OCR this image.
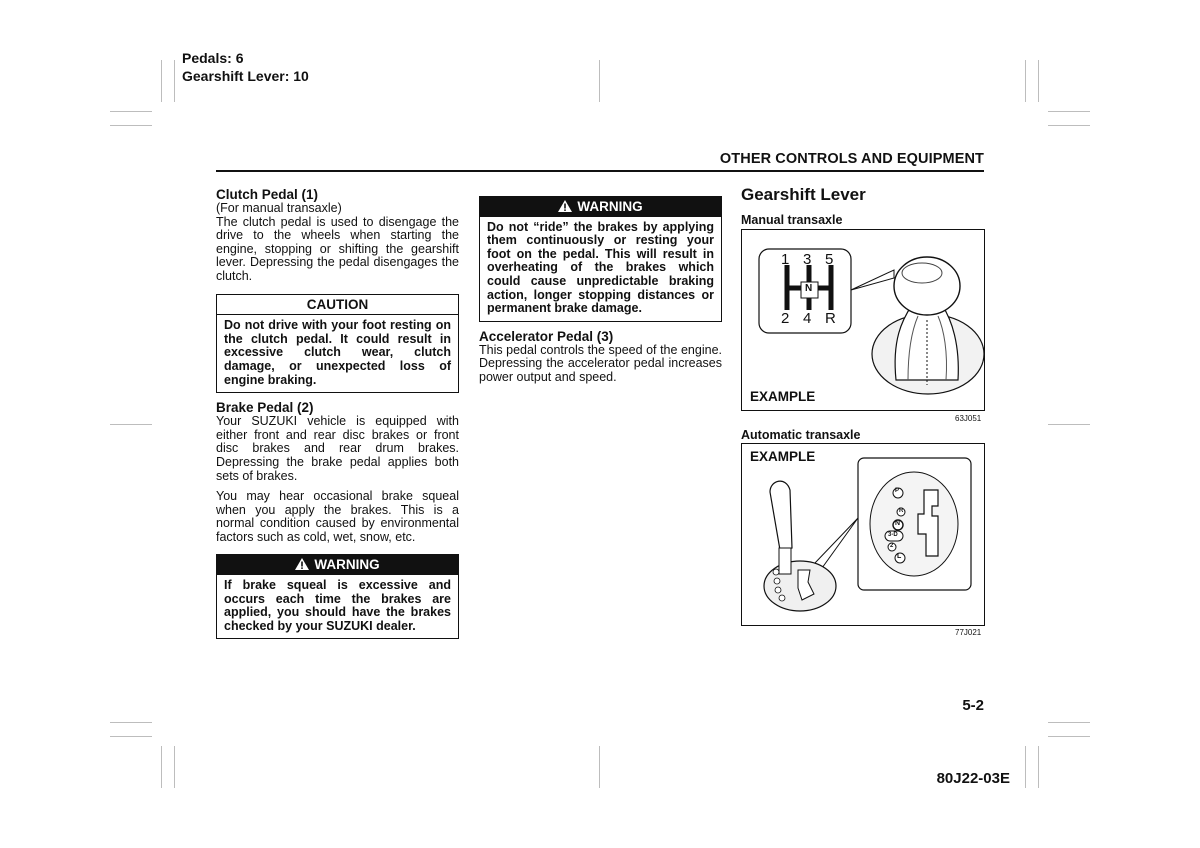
Pedals: 6
Gearshift Lever: 10
OTHER CONTROLS AND EQUIPMENT
Clutch Pedal (1)

(For manual transaxle)

The clutch pedal is used to disengage the drive to the wheels when starting the engine, stopping or shifting the gearshift lever. Depressing the pedal disengages the clutch.

CAUTION
Do not drive with your foot resting on the clutch pedal. It could result in excessive clutch wear, clutch damage, or unexpected loss of engine braking.
Brake Pedal (2)

Your SUZUKI vehicle is equipped with either front and rear disc brakes or front disc brakes and rear drum brakes. Depressing the brake pedal applies both sets of brakes.

You may hear occasional brake squeal when you apply the brakes. This is a normal condition caused by environmental factors such as cold, wet, snow, etc.

WARNING
If brake squeal is excessive and occurs each time the brakes are applied, you should have the brakes checked by your SUZUKI dealer.
WARNING
Do not “ride” the brakes by applying them continuously or resting your foot on the pedal. This will result in overheating of the brakes which could cause unpredictable braking action, longer stopping distances or permanent brake damage.
Accelerator Pedal (3)

This pedal controls the speed of the engine. Depressing the accelerator pedal increases power output and speed.

Gearshift Lever
Manual transaxle
1 3 5
2 4 R
N
EXAMPLE
63J051
Automatic transaxle
EXAMPLE
P
R
N
3-D
2
L
77J021
5-2
80J22-03E
